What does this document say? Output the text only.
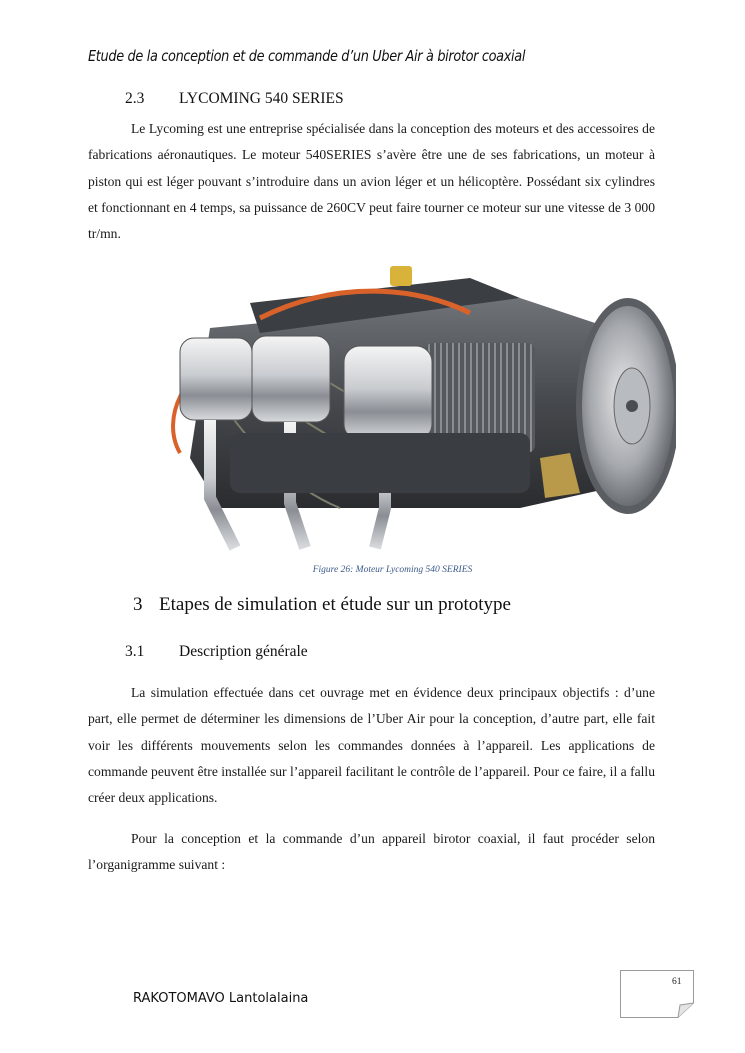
Etude de la conception et de commande d’un Uber Air à birotor coaxial
2.3 LYCOMING 540 SERIES

Le Lycoming est une entreprise spécialisée dans la conception des moteurs et des accessoires de fabrications aéronautiques. Le moteur 540SERIES s’avère être une de ses fabrications, un moteur à piston qui est léger pouvant s’introduire dans un avion léger et un hélicoptère. Possédant six cylindres et fonctionnant en 4 temps, sa puissance de 260CV peut faire tourner ce moteur sur une vitesse de 3 000 tr/mn.

Figure 26: Moteur Lycoming 540 SERIES
3 Etapes de simulation et étude sur un prototype
3.1 Description générale

La simulation effectuée dans cet ouvrage met en évidence deux principaux objectifs : d’une part, elle permet de déterminer les dimensions de l’Uber Air pour la conception, d’autre part, elle fait voir les différents mouvements selon les commandes données à l’appareil. Les applications de commande peuvent être installée sur l’appareil facilitant le contrôle de l’appareil. Pour ce faire, il a fallu créer deux applications.

Pour la conception et la commande d’un appareil birotor coaxial, il faut procéder selon l’organigramme suivant :

61
RAKOTOMAVO Lantolalaina
